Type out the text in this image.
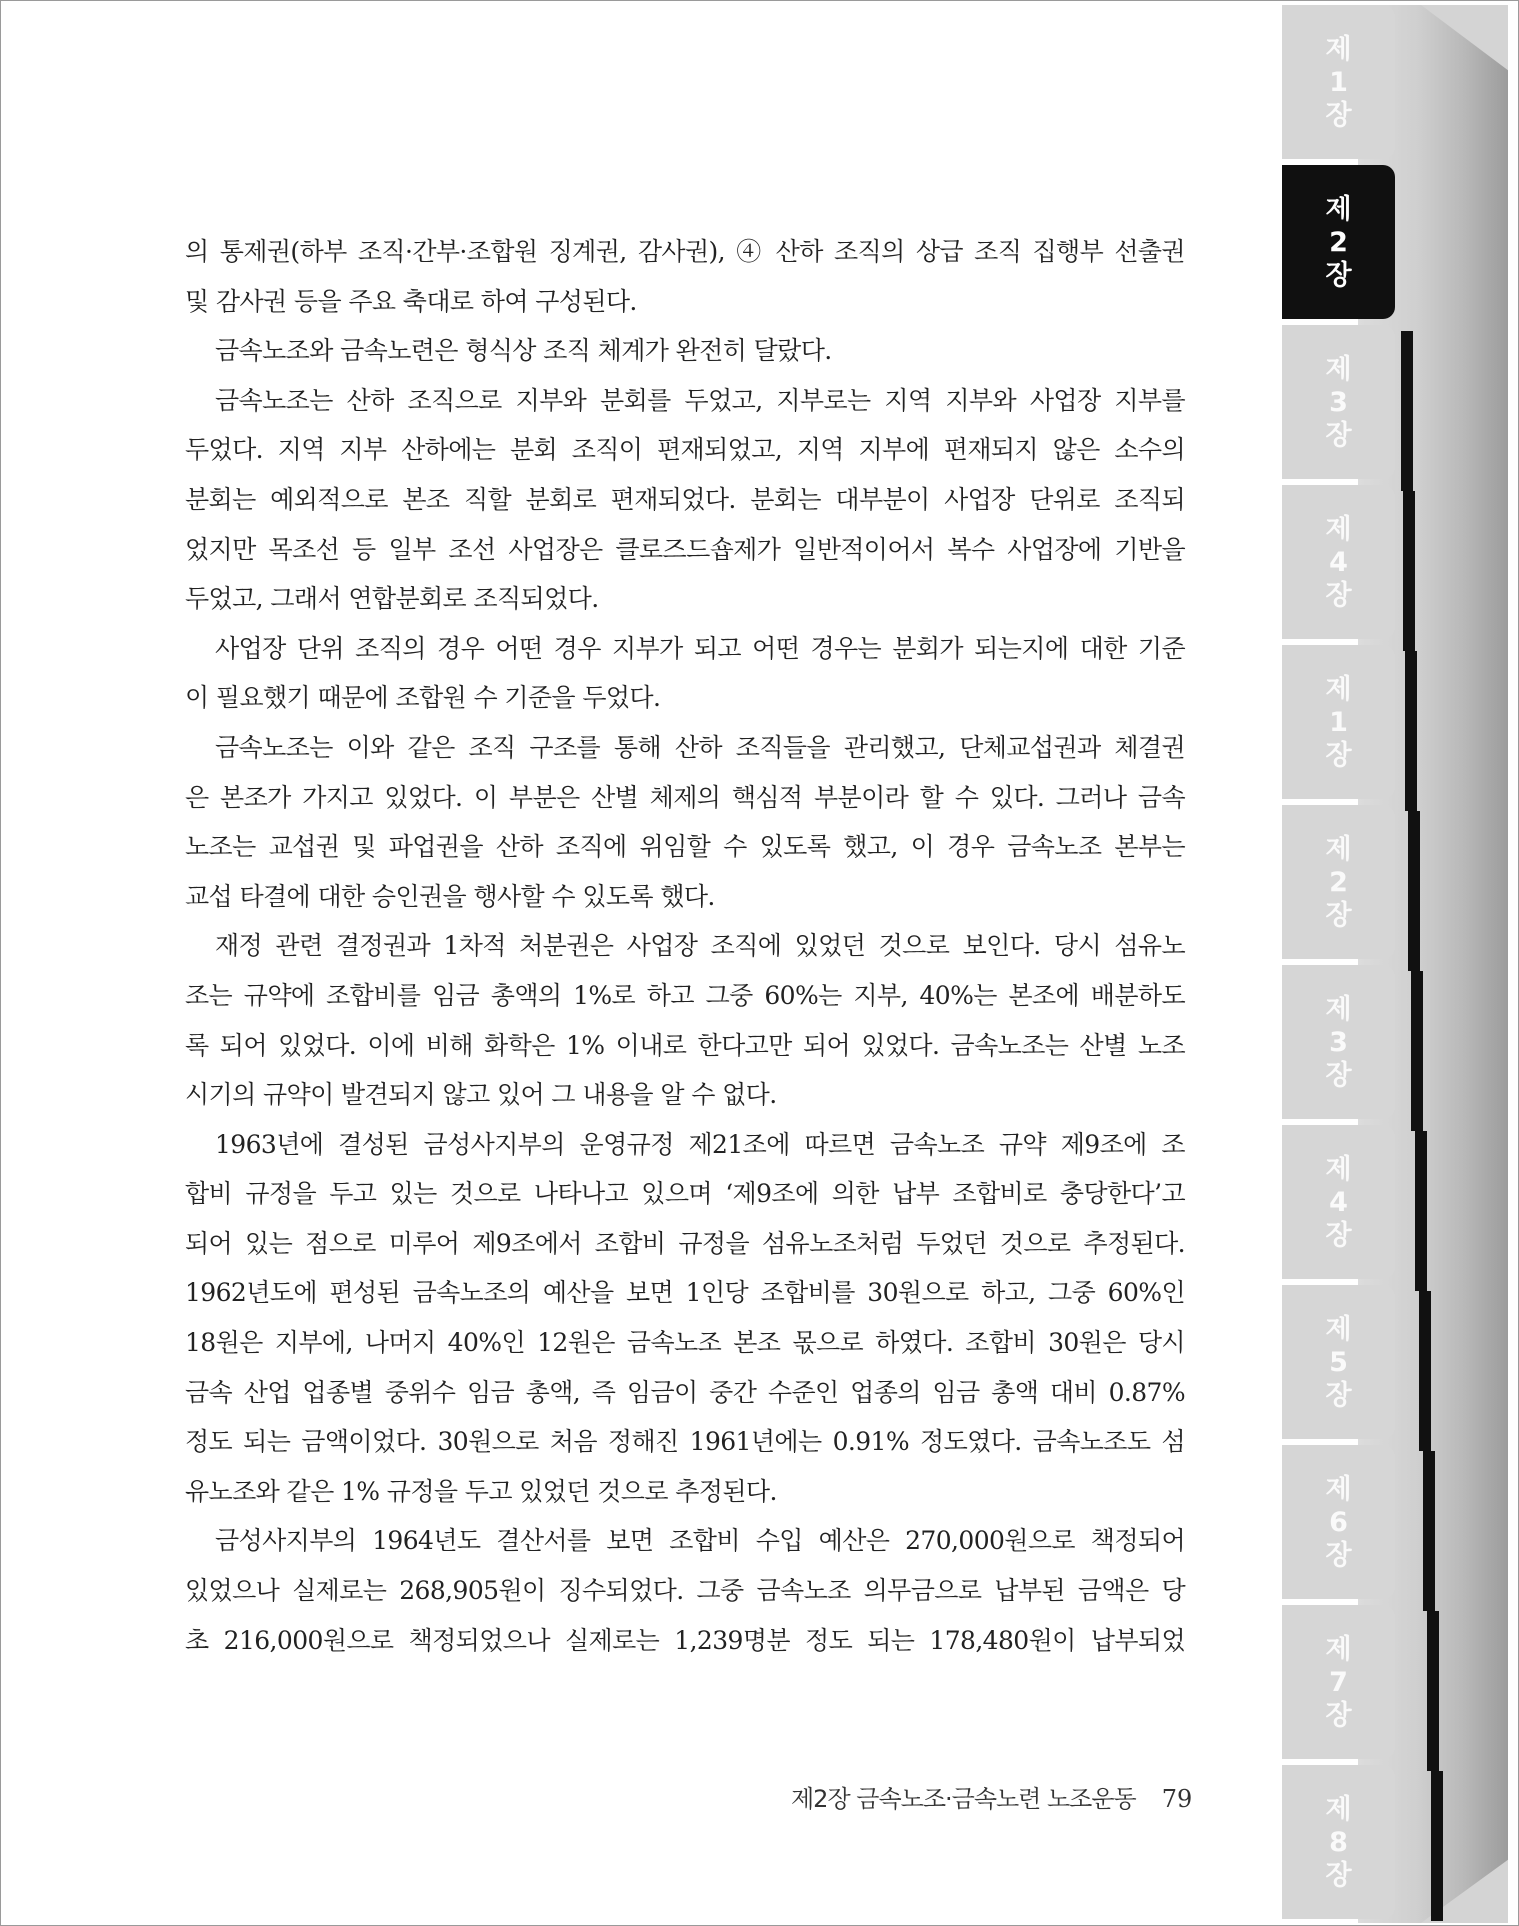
제
1
장
제
2
장
제
3
장
제
4
장
제
1
장
제
2
장
제
3
장
제
4
장
제
5
장
제
6
장
제
7
장
제
8
장
의 통제권(하부 조직·간부·조합원 징계권, 감사권), ④ 산하 조직의 상급 조직 집행부 선출권
및 감사권 등을 주요 축대로 하여 구성된다.
금속노조와 금속노련은 형식상 조직 체계가 완전히 달랐다.
금속노조는 산하 조직으로 지부와 분회를 두었고, 지부로는 지역 지부와 사업장 지부를
두었다. 지역 지부 산하에는 분회 조직이 편재되었고, 지역 지부에 편재되지 않은 소수의
분회는 예외적으로 본조 직할 분회로 편재되었다. 분회는 대부분이 사업장 단위로 조직되
었지만 목조선 등 일부 조선 사업장은 클로즈드숍제가 일반적이어서 복수 사업장에 기반을
두었고, 그래서 연합분회로 조직되었다.
사업장 단위 조직의 경우 어떤 경우 지부가 되고 어떤 경우는 분회가 되는지에 대한 기준
이 필요했기 때문에 조합원 수 기준을 두었다.
금속노조는 이와 같은 조직 구조를 통해 산하 조직들을 관리했고, 단체교섭권과 체결권
은 본조가 가지고 있었다. 이 부분은 산별 체제의 핵심적 부분이라 할 수 있다. 그러나 금속
노조는 교섭권 및 파업권을 산하 조직에 위임할 수 있도록 했고, 이 경우 금속노조 본부는
교섭 타결에 대한 승인권을 행사할 수 있도록 했다.
재정 관련 결정권과 1차적 처분권은 사업장 조직에 있었던 것으로 보인다. 당시 섬유노
조는 규약에 조합비를 임금 총액의 1%로 하고 그중 60%는 지부, 40%는 본조에 배분하도
록 되어 있었다. 이에 비해 화학은 1% 이내로 한다고만 되어 있었다. 금속노조는 산별 노조
시기의 규약이 발견되지 않고 있어 그 내용을 알 수 없다.
1963년에 결성된 금성사지부의 운영규정 제21조에 따르면 금속노조 규약 제9조에 조
합비 규정을 두고 있는 것으로 나타나고 있으며 ‘제9조에 의한 납부 조합비로 충당한다’고
되어 있는 점으로 미루어 제9조에서 조합비 규정을 섬유노조처럼 두었던 것으로 추정된다.
1962년도에 편성된 금속노조의 예산을 보면 1인당 조합비를 30원으로 하고, 그중 60%인
18원은 지부에, 나머지 40%인 12원은 금속노조 본조 몫으로 하였다. 조합비 30원은 당시
금속 산업 업종별 중위수 임금 총액, 즉 임금이 중간 수준인 업종의 임금 총액 대비 0.87%
정도 되는 금액이었다. 30원으로 처음 정해진 1961년에는 0.91% 정도였다. 금속노조도 섬
유노조와 같은 1% 규정을 두고 있었던 것으로 추정된다.
금성사지부의 1964년도 결산서를 보면 조합비 수입 예산은 270,000원으로 책정되어
있었으나 실제로는 268,905원이 징수되었다. 그중 금속노조 의무금으로 납부된 금액은 당
초 216,000원으로 책정되었으나 실제로는 1,239명분 정도 되는 178,480원이 납부되었
제2장 금속노조·금속노련 노조운동 79
